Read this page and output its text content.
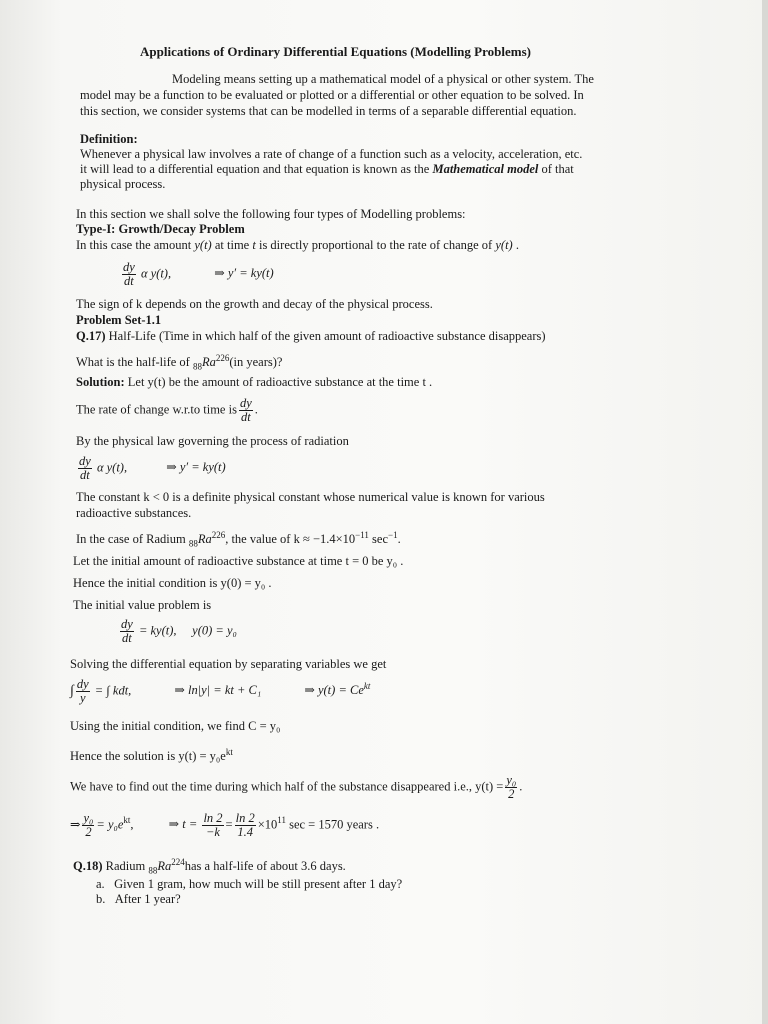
Applications of Ordinary Differential Equations (Modelling Problems)
Modeling means setting up a mathematical model of a physical or other system. The
model may be a function to be evaluated or plotted or a differential or other equation to be solved. In
this section, we consider systems that can be modelled in terms of a separable differential equation.
Definition:
Whenever a physical law involves a rate of change of a function such as a velocity, acceleration, etc.
it will lead to a differential equation and that equation is known as the Mathematical model of that
physical process.
In this section we shall solve the following four types of Modelling problems:
Type-I: Growth/Decay Problem
In this case the amount y(t) at time t is directly proportional to the rate of change of y(t) .
$\frac{dy}{dt}$ α y(t),	⇒ y′ = ky(t)
The sign of k depends on the growth and decay of the physical process.
Problem Set-1.1
Q.17) Half-Life (Time in which half of the given amount of radioactive substance disappears)
What is the half-life of $_{88}Ra^{226}(in$ years)?
Solution: Let y(t) be the amount of radioactive substance at the time t .
The rate of change w.r.to time is $\frac{dy}{dt}$ .
By the physical law governing the process of radiation
$\frac{dy}{dt}$ α y(t),	⇒ y′ = ky(t)
The constant k < 0 is a definite physical constant whose numerical value is known for various
radioactive substances.
In the case of Radium $_{88}Ra^{226}$, the value of $k \approx -1.4\times 10^{-11}$ $\sec^{-1}$.
Let the initial amount of radioactive substance at time t = 0 be y₀ .
Hence the initial condition is y(0) = y₀ .
The initial value problem is
$\frac{dy}{dt} = ky(t)$,     y(0) = y₀
Solving the differential equation by separating variables we get
∫ $\frac{dy}{y}$ = ∫ kdt,	⇒ ln|y| = kt + C₁	⇒ $y(t) = Ce^{kt}$
Using the initial condition, we find C = y₀
Hence the solution is $y(t) = y_0e^{kt}$
We have to find out the time during which half of the substance disappeared i.e., $y(t) = \frac{\text{y₀}}{2}$ .
⇒ $\frac{\text{y₀}}{2} = y_0e^{kt}$,	⇒ $t = \frac{\ln 2}{-k} = \frac{\ln 2}{1.4} \times 10^{11}$ sec = 1570 years .
Q.18) Radium $_{88}Ra^{224}has$ a half-life of about 3.6 days.
a. Given 1 gram, how much will be still present after 1 day?
b. After 1 year?
